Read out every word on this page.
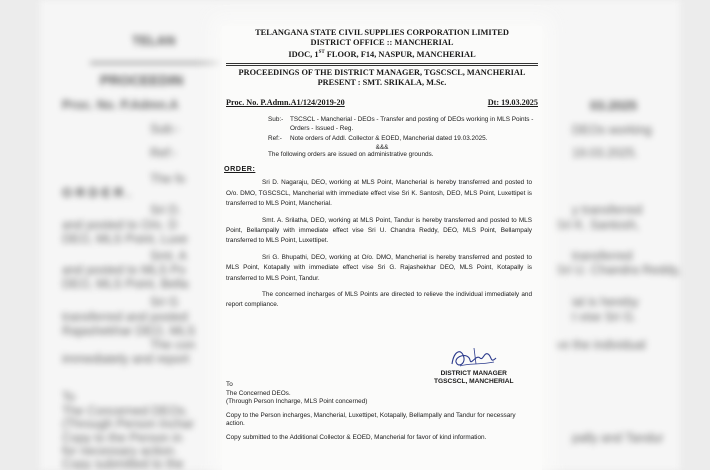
TELAN
PROCEEDIN
Proc. No. P.Admn.A
Sub:-
Ref:-
The fo
O R D E R .
Sri D.
and posted to O/o. D
DEO, MLS Point, Luxe
Smt. A
and posted to MLS Po
DEO, MLS Point, Bella
Sri G
transferred and posted
Rajashekhar DEO, MLS
The con
immediately and report
To
The Concerned DEOs.
(Through Person Inchar
Copy to the Person in
for necessary action.
Copy submitted to the
03.2025
DEOs working
19.03.2025.
y transferred
Sri K. Santosh,
transferred
Sri U. Chandra Reddy,
ial is hereby
t vise Sri G.
ve the individual
pally and Tandur
TELANGANA STATE CIVIL SUPPLIES CORPORATION LIMITED
DISTRICT OFFICE :: MANCHERIAL
IDOC, 1ST FLOOR, F14, NASPUR, MANCHERIAL
PROCEEDINGS OF THE DISTRICT MANAGER, TGSCSCL, MANCHERIAL
PRESENT : SMT. SRIKALA, M.Sc.
Proc. No. P.Admn.A1/124/2019-20	Dt: 19.03.2025
Sub:-	TSCSCL - Mancherial - DEOs - Transfer and posting of DEOs working in MLS Points - Orders - Issued - Reg.
Ref:-	Note orders of Addl. Collector & EOED, Mancherial dated 19.03.2025.
&&&
The following orders are issued on administrative grounds.
ORDER:

Sri D. Nagaraju, DEO, working at MLS Point, Mancherial is hereby transferred and posted to O/o. DMO, TGSCSCL, Mancherial with immediate effect vise Sri K. Santosh, DEO, MLS Point, Luxettipet is transferred to MLS Point, Mancherial.

Smt. A. Srilatha, DEO, working at MLS Point, Tandur is hereby transferred and posted to MLS Point, Bellampally with immediate effect vise Sri U. Chandra Reddy, DEO, MLS Point, Bellampaly transferred to MLS Point, Luxettipet.

Sri G. Bhupathi, DEO, working at O/o. DMO, Mancherial is hereby transferred and posted to MLS Point, Kotapally with immediate effect vise Sri G. Rajashekhar DEO, MLS Point, Kotapally is transferred to MLS Point, Tandur.

The concerned incharges of MLS Points are directed to relieve the individual immediately and report compliance.

DISTRICT MANAGER
TGSCSCL, MANCHERIAL
To
The Concerned DEOs.

(Through Person Incharge, MLS Point concerned)

Copy to the Person incharges, Mancherial, Luxettipet, Kotapally, Bellampally and Tandur for necessary action.

Copy submitted to the Additional Collector & EOED, Mancherial for favor of kind information.
